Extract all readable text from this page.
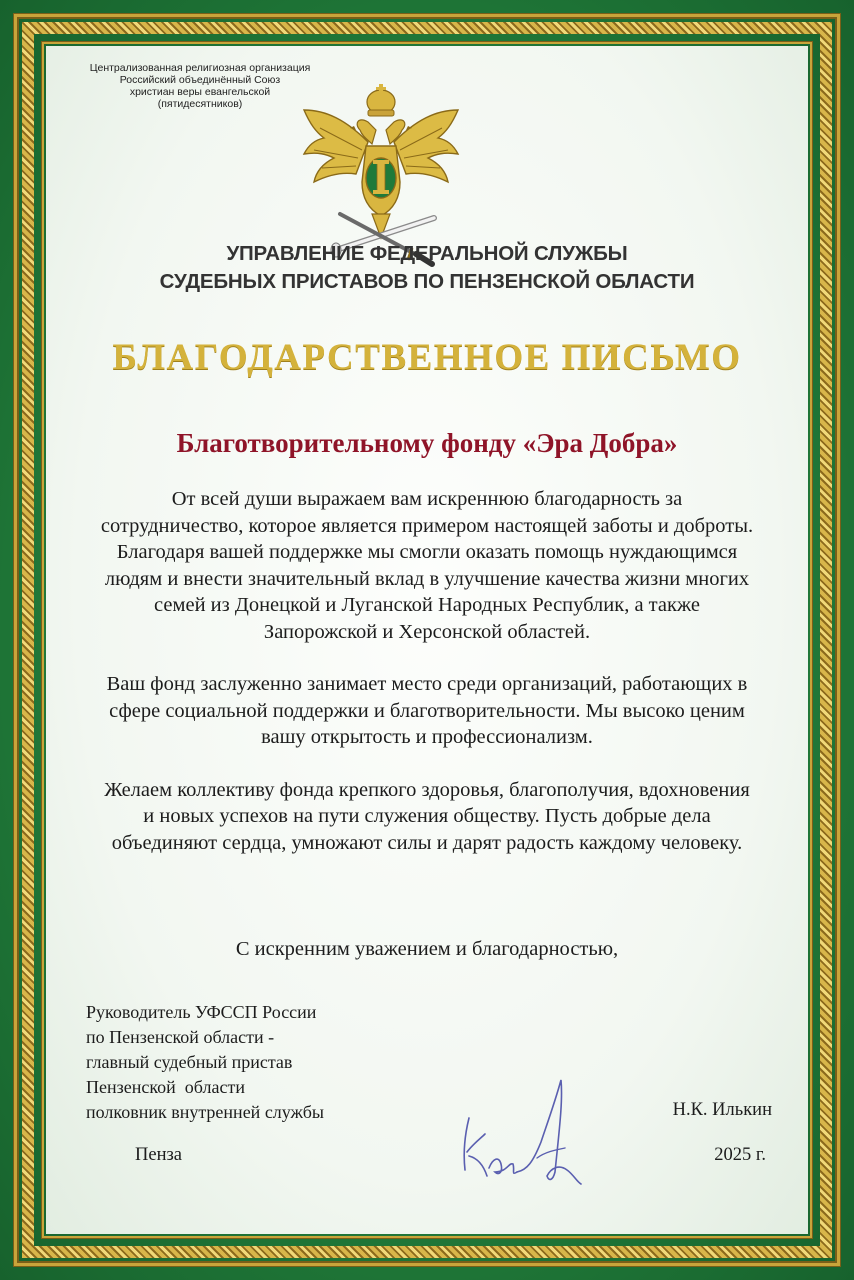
Централизованная религиозная организация
Российский объединённый Союз
христиан веры евангельской
(пятидесятников)
УПРАВЛЕНИЕ ФЕДЕРАЛЬНОЙ СЛУЖБЫ
СУДЕБНЫХ ПРИСТАВОВ ПО ПЕНЗЕНСКОЙ ОБЛАСТИ
БЛАГОДАРСТВЕННОЕ ПИСЬМО
Благотворительному фонду «Эра Добра»

От всей души выражаем вам искреннюю благодарность за сотрудничество, которое является примером настоящей заботы и доброты. Благодаря вашей поддержке мы смогли оказать помощь нуждающимся людям и внести значительный вклад в улучшение качества жизни многих семей из Донецкой и Луганской Народных Республик, а также Запорожской и Херсонской областей.

Ваш фонд заслуженно занимает место среди организаций, работающих в сфере социальной поддержки и благотворительности. Мы высоко ценим вашу открытость и профессионализм.

Желаем коллективу фонда крепкого здоровья, благополучия, вдохновения и новых успехов на пути служения обществу. Пусть добрые дела объединяют сердца, умножают силы и дарят радость каждому человеку.

С искренним уважением и благодарностью,
Руководитель УФССП России
по Пензенской области -
главный судебный пристав
Пензенской  области
полковник внутренней службы	Н.К. Илькин
Пенза	2025 г.
